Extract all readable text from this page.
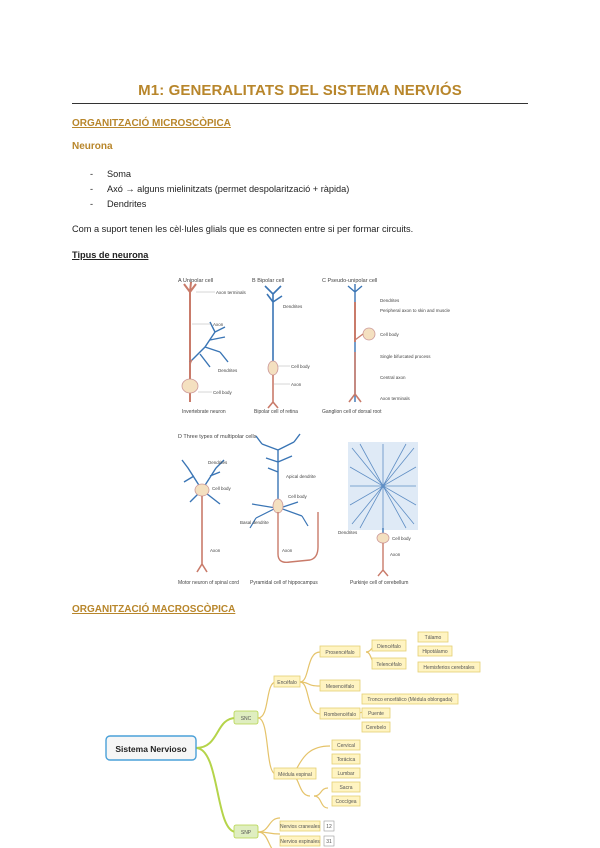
M1: GENERALITATS DEL SISTEMA NERVIÓS
ORGANITZACIÓ MICROSCÒPICA
Neurona
- Soma
- Axó → alguns mielinitzats (permet despolarització + ràpida)
- Dendrites
Com a suport tenen les cèl·lules glials que es connecten entre si per formar circuits.
Tipus de neurona
A Unipolar cell
Axon terminals
Axon
Dendrites
Cell body
Invertebrate neuron
B Bipolar cell
Dendrites
Cell body
Axon
Bipolar cell of retina
C Pseudo-unipolar cell
Dendrites
Peripheral axon to skin and muscle
Cell body
Single bifurcated process
Central axon
Axon terminals
Ganglion cell of dorsal root
D Three types of multipolar cells
Dendrites
Cell body
Axon
Motor neuron of spinal cord
Apical dendrite
Cell body
Basal dendrite
Axon
Pyramidal cell of hippocampus
Dendrites
Cell body
Axon
Purkinje cell of cerebellum
ORGANITZACIÓ MACROSCÒPICA
Sistema Nervioso
SNC
SNP
Encéfalo
Médula espinal
Prosencéfalo
Mesencéfalo
Rombencéfalo
Diencéfalo
Telencéfalo
Tálamo
Hipotálamo
Hemisferios cerebrales
Tronco encefálico (Médula oblongada)
Puente
Cerebelo
Cervical
Torácica
Lumbar
Sacra
Coccígea
Nervios craneales 12
Nervios espinales 31
